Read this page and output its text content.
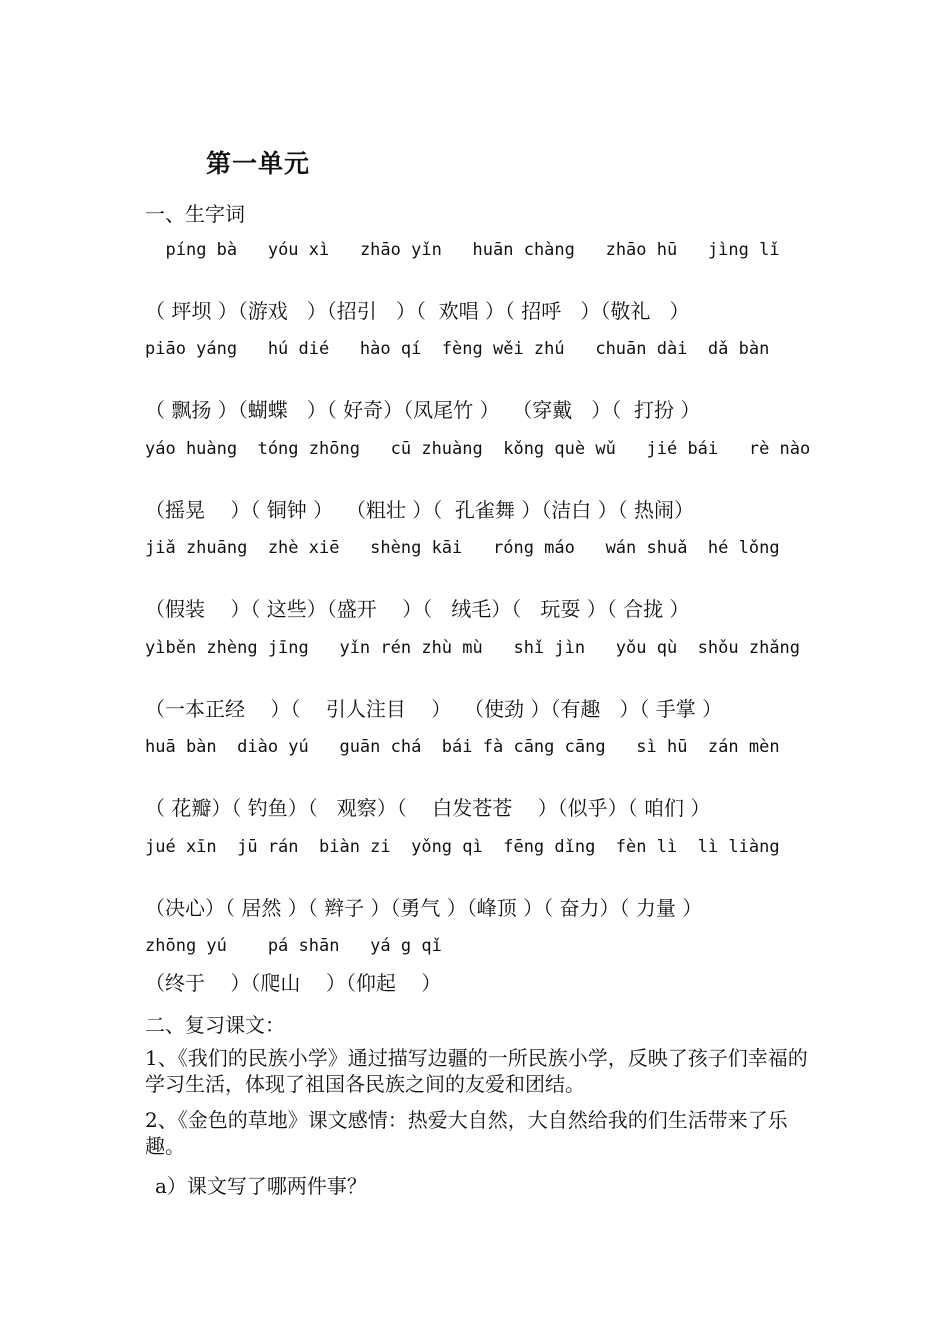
第一单元
一、生字词
píng bà   yóu xì   zhāo yǐn   huān chàng   zhāo hū   jìng lǐ
（ 坪坝 ）（游戏   ）（招引   ）（  欢唱 ）（ 招呼   ）（敬礼   ）
piāo yáng   hú dié   hào qí  fèng wěi zhú   chuān dài  dǎ bàn
（ 飘扬 ）（蝴蝶   ）（ 好奇）（凤尾竹 ）  （穿戴   ）（  打扮 ）
yáo huàng  tóng zhōng   cū zhuàng  kǒng què wǔ   jié bái   rè nào
（摇晃    ）（ 铜钟 ）  （粗壮 ）（  孔雀舞 ）（洁白 ）（ 热闹）
jiǎ zhuāng  zhè xiē   shèng kāi   róng máo   wán shuǎ  hé lǒng
（假装    ）（ 这些）（盛开    ）（   绒毛）（   玩耍 ）（ 合拢 ）
yìběn zhèng jīng   yǐn rén zhù mù   shǐ jìn   yǒu qù  shǒu zhǎng
（一本正经    ）（    引人注目    ）  （使劲 ）（有趣   ）（ 手掌 ）
huā bàn  diào yú   guān chá  bái fà cāng cāng   sì hū  zán mèn
（ 花瓣）（ 钓鱼）（   观察）（    白发苍苍    ）（似乎）（ 咱们 ）
jué xīn  jū rán  biàn zi  yǒng qì  fēng dǐng  fèn lì  lì liàng
（决心）（ 居然 ）（ 辫子 ）（勇气 ）（峰顶 ）（ 奋力）（ 力量 ）
zhōng yú    pá shān   yá g qǐ
（终于    ）（爬山    ）（仰起    ）
二、复习课文：
1、《我们的民族小学》通过描写边疆的一所民族小学，反映了孩子们幸福的学习生活，体现了祖国各民族之间的友爱和团结。
2、《金色的草地》课文感情：热爱大自然，大自然给我的们生活带来了乐趣。
a）课文写了哪两件事？
